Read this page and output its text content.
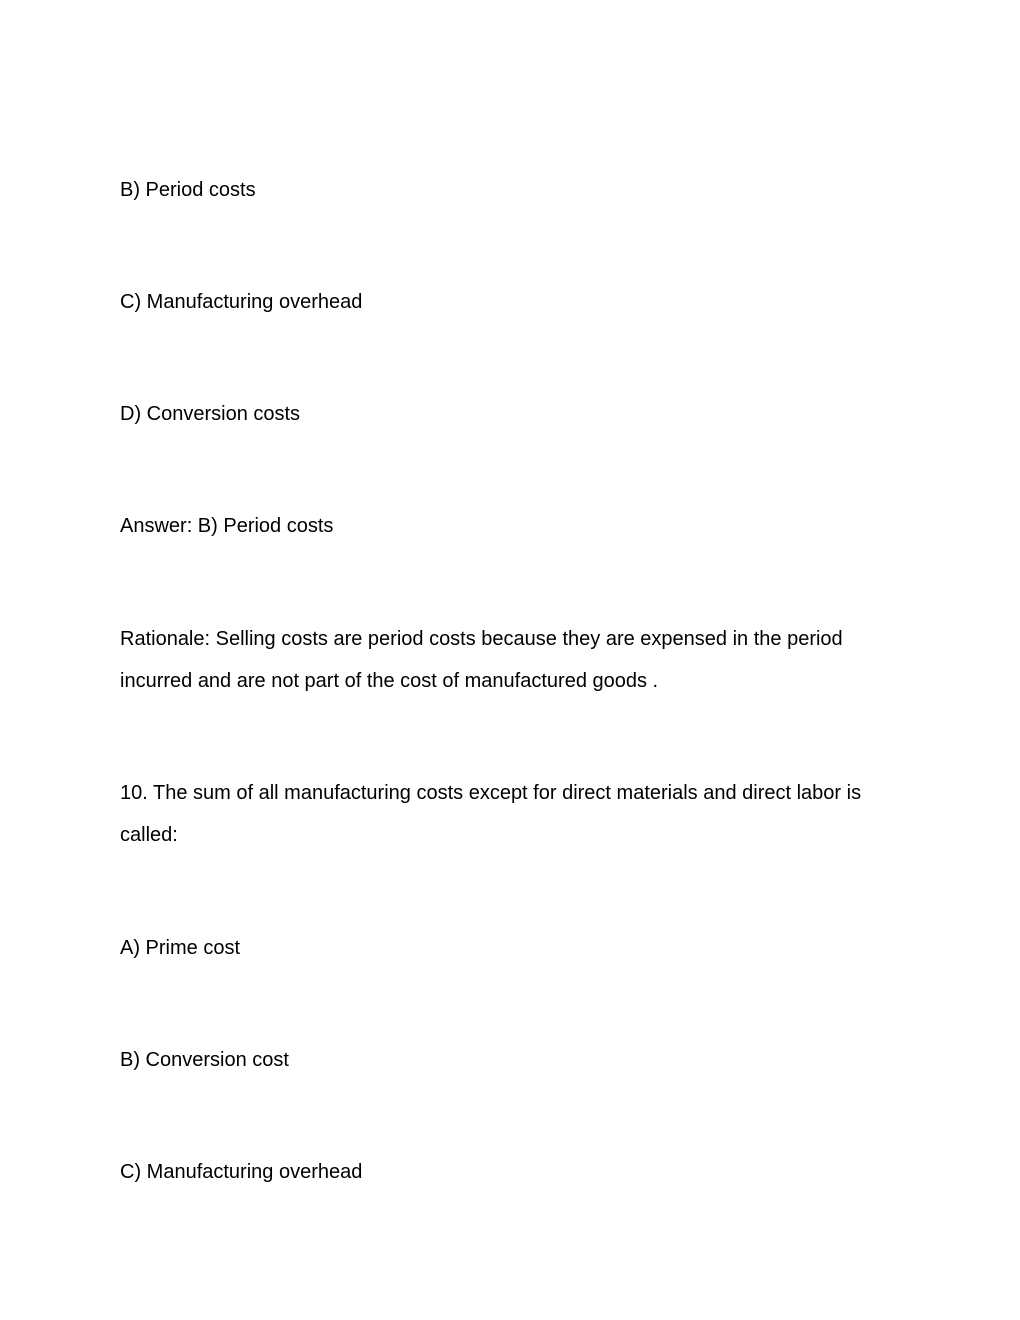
B) Period costs
C) Manufacturing overhead
D) Conversion costs
Answer: B) Period costs
Rationale: Selling costs are period costs because they are expensed in the period incurred and are not part of the cost of manufactured goods .
10. The sum of all manufacturing costs except for direct materials and direct labor is called:
A) Prime cost
B) Conversion cost
C) Manufacturing overhead
